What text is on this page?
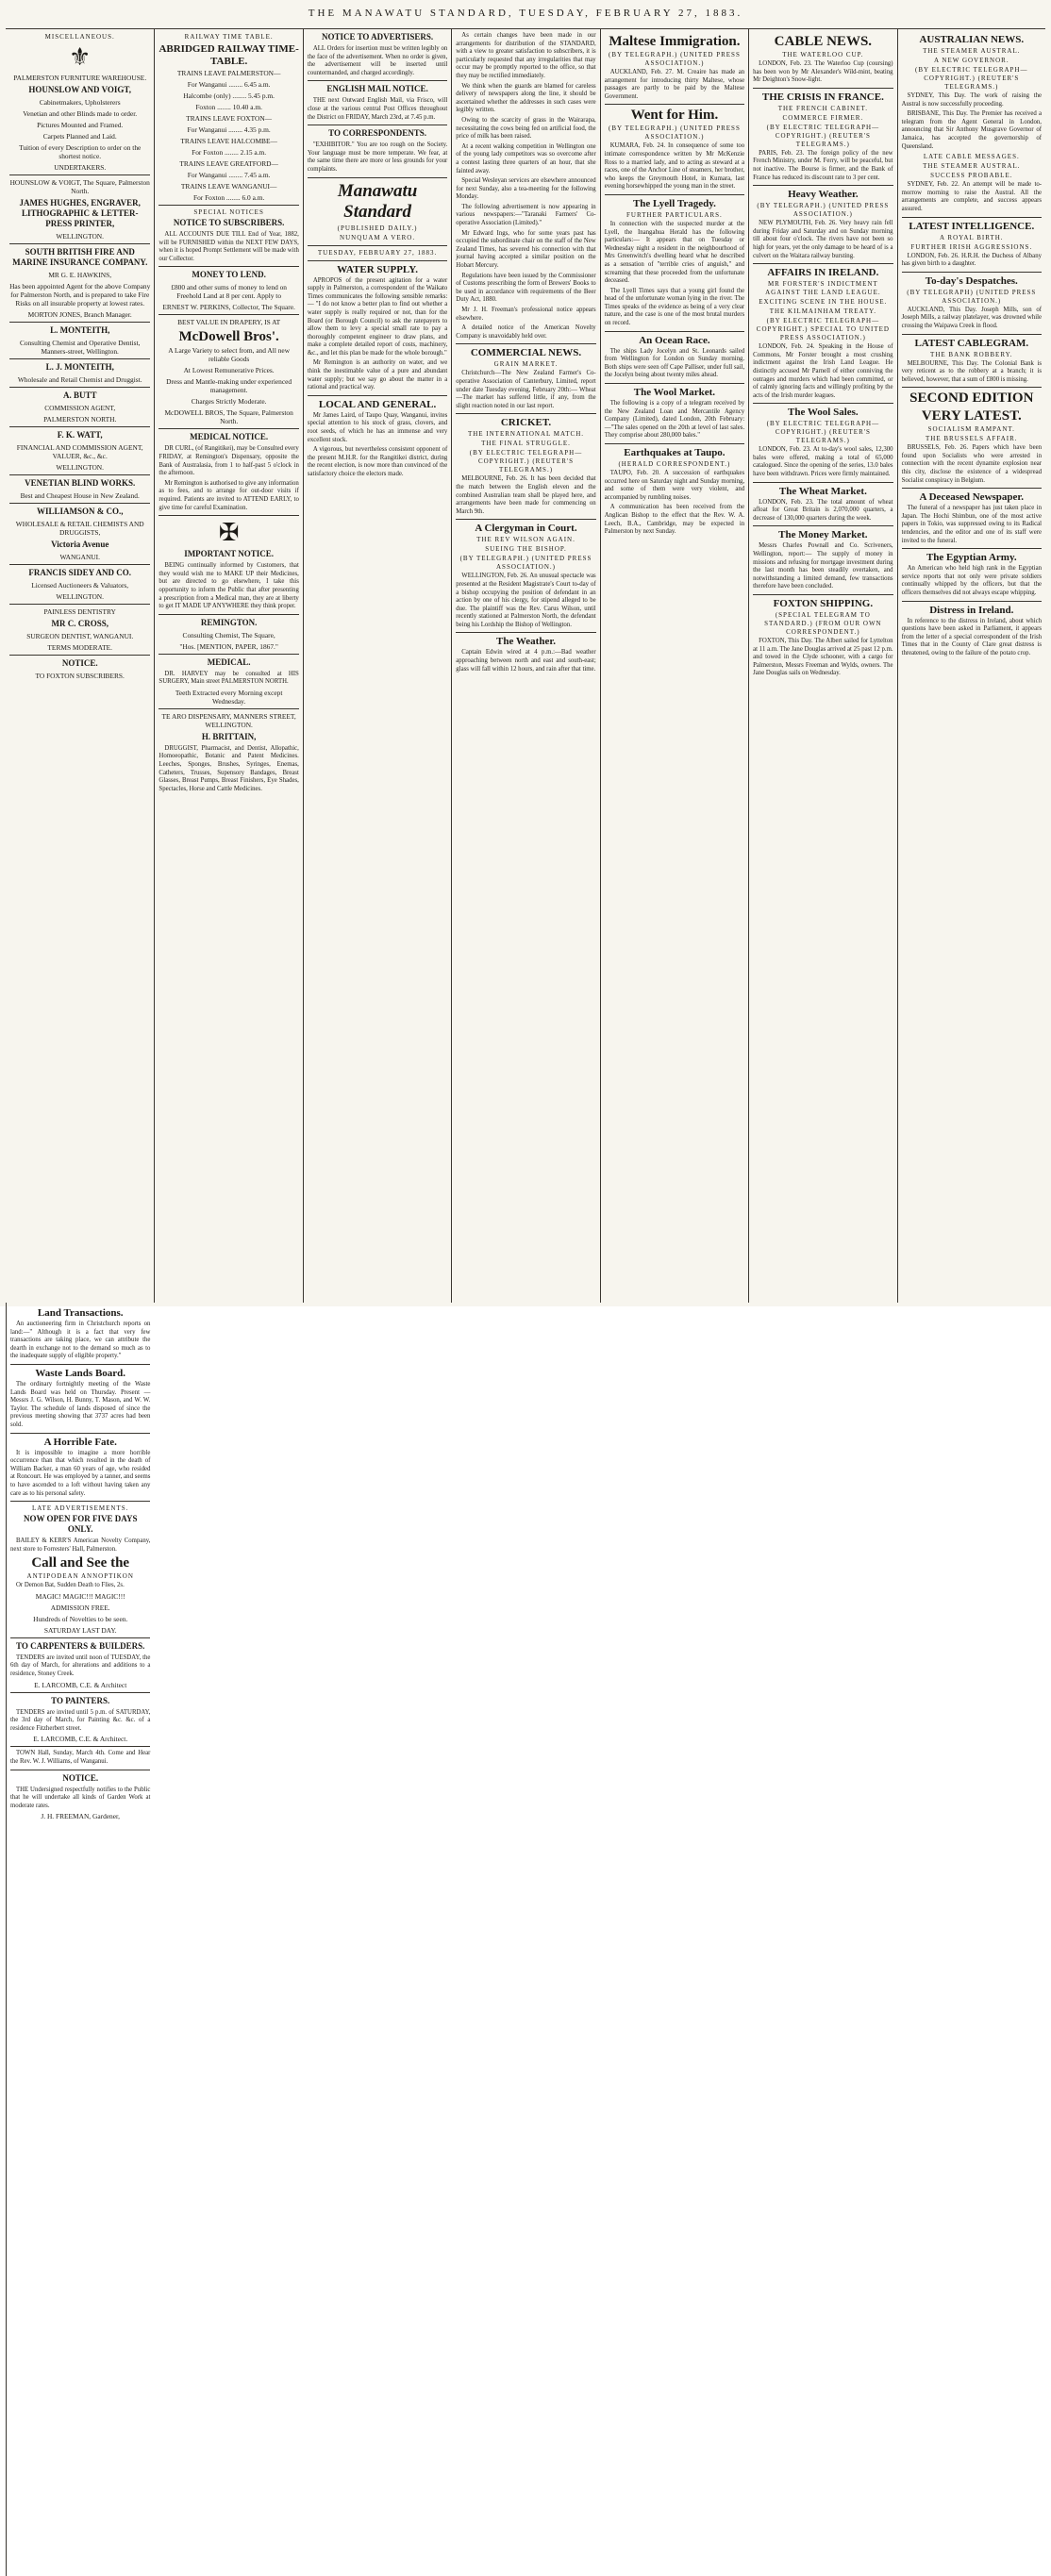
THE MANAWATU STANDARD, TUESDAY, FEBRUARY 27, 1883.
MISCELLANEOUS.
⚜
PALMERSTON FURNITURE WAREHOUSE.
HOUNSLOW AND VOIGT,
Cabinetmakers, Upholsterers
Venetian and other Blinds made to order.
Pictures Mounted and Framed.
Carpets Planned and Laid.
Tuition of every Description to order on the shortest notice.
UNDERTAKERS.
HOUNSLOW & VOIGT, The Square, Palmerston North.
JAMES HUGHES, ENGRAVER, LITHOGRAPHIC & LETTER-PRESS PRINTER,
WELLINGTON.
SOUTH BRITISH FIRE AND MARINE INSURANCE COMPANY.
MR G. E. HAWKINS,
Has been appointed Agent for the above Company for Palmerston North, and is prepared to take Fire Risks on all insurable property at lowest rates.
MORTON JONES, Branch Manager.
L. MONTEITH,
Consulting Chemist and Operative Dentist, Manners-street, Wellington.
L. J. MONTEITH,
Wholesale and Retail Chemist and Druggist.
A. BUTT
COMMISSION AGENT,
PALMERSTON NORTH.
F. K. WATT,
FINANCIAL AND COMMISSION AGENT, VALUER, &c., &c.
WELLINGTON.
VENETIAN BLIND WORKS.
Best and Cheapest House in New Zealand.
WILLIAMSON & CO.,
WHOLESALE & RETAIL CHEMISTS AND DRUGGISTS,
Victoria Avenue
WANGANUI.
FRANCIS SIDEY AND CO.
Licensed Auctioneers & Valuators,
WELLINGTON.
PAINLESS DENTISTRY
MR C. CROSS,
SURGEON DENTIST, WANGANUI.
TERMS MODERATE.
NOTICE.
TO FOXTON SUBSCRIBERS.
RAILWAY TIME TABLE.
ABRIDGED RAILWAY TIME-TABLE.
TRAINS LEAVE PALMERSTON—
For Wanganui ........ 6.45 a.m.
Halcombe (only) ........ 5.45 p.m.
Foxton ........ 10.40 a.m.
TRAINS LEAVE FOXTON—
For Wanganui ........ 4.35 p.m.
TRAINS LEAVE HALCOMBE—
For Foxton ........ 2.15 a.m.
TRAINS LEAVE GREATFORD—
For Wanganui ........ 7.45 a.m.
TRAINS LEAVE WANGANUI—
For Foxton ........ 6.0 a.m.
SPECIAL NOTICES
NOTICE TO SUBSCRIBERS.
ALL ACCOUNTS DUE TILL End of Year, 1882, will be FURNISHED within the NEXT FEW DAYS, when it is hoped Prompt Settlement will be made with our Collector.
MONEY TO LEND.
£800 and other sums of money to lend on Freehold Land at 8 per cent. Apply to
ERNEST W. PERKINS, Collector, The Square.
BEST VALUE IN DRAPERY, IS AT
McDowell Bros'.
A Large Variety to select from, and All new reliable Goods
At Lowest Remunerative Prices.
Dress and Mantle-making under experienced management.
Charges Strictly Moderate.
McDOWELL BROS, The Square, Palmerston North.
MEDICAL NOTICE.
DR CURL, (of Rangitikei), may be Consulted every FRIDAY, at Remington's Dispensary, opposite the Bank of Australasia, from 1 to half-past 5 o'clock in the afternoon.
Mr Remington is authorised to give any information as to fees, and to arrange for out-door visits if required. Patients are invited to ATTEND EARLY, to give time for careful Examination.
✠
IMPORTANT NOTICE.
BEING continually informed by Customers, that they would wish me to MAKE UP their Medicines, but are directed to go elsewhere, I take this opportunity to inform the Public that after presenting a prescription from a Medical man, they are at liberty to get IT MADE UP ANYWHERE they think proper.
REMINGTON.
Consulting Chemist, The Square,
"Hos. [MENTION, PAPER, 1867."
MEDICAL.
DR. HARVEY may be consulted at HIS SURGERY, Main street PALMERSTON NORTH.
Teeth Extracted every Morning except Wednesday.
TE ARO DISPENSARY, MANNERS STREET, WELLINGTON.
H. BRITTAIN,
DRUGGIST, Pharmacist, and Dentist, Allopathic, Homoeopathic, Botanic and Patent Medicines. Leeches, Sponges, Brushes, Syringes, Enemas, Catheters, Trusses, Supensory Bandages, Breast Glasses, Breast Pumps, Breast Finishers, Eye Shades, Spectacles, Horse and Cattle Medicines.
NOTICE TO ADVERTISERS.
ALL Orders for insertion must be written legibly on the face of the advertisement. When no order is given, the advertisement will be inserted until countermanded, and charged accordingly.
ENGLISH MAIL NOTICE.
THE next Outward English Mail, via Frisco, will close at the various central Post Offices throughout the District on FRIDAY, March 23rd, at 7.45 p.m.
TO CORRESPONDENTS.
"EXHIBITOR." You are too rough on the Society. Your language must be more temperate. We fear, at the same time there are more or less grounds for your complaints.
Manawatu Standard
(PUBLISHED DAILY.)
NUNQUAM A VERO.
TUESDAY, FEBRUARY 27, 1883.
WATER SUPPLY.
APROPOS of the present agitation for a water supply in Palmerston, a correspondent of the Waikato Times communicates the following sensible remarks:— "I do not know a better plan to find out whether a water supply is really required or not, than for the Board (or Borough Council) to ask the ratepayers to allow them to levy a special small rate to pay a thoroughly competent engineer to draw plans, and make a complete detailed report of costs, machinery, &c., and let this plan be made for the whole borough."
Mr Remington is an authority on water, and we think the inestimable value of a pure and abundant water supply; but we say go about the matter in a rational and practical way.
LOCAL AND GENERAL.
Mr James Laird, of Taupo Quay, Wanganui, invites special attention to his stock of grass, clovers, and root seeds, of which he has an immense and very excellent stock.
A vigorous, but nevertheless consistent opponent of the present M.H.R. for the Rangitikei district, during the recent election, is now more than convinced of the satisfactory choice the electors made.
As certain changes have been made in our arrangements for distribution of the STANDARD, with a view to greater satisfaction to subscribers, it is particularly requested that any irregularities that may occur may be promptly reported to the office, so that they may be rectified immediately.
We think when the guards are blamed for careless delivery of newspapers along the line, it should be ascertained whether the addresses in such cases were legibly written.
Owing to the scarcity of grass in the Wairarapa, necessitating the cows being fed on artificial food, the price of milk has been raised.
At a recent walking competition in Wellington one of the young lady competitors was so overcome after a contest lasting three quarters of an hour, that she fainted away.
Special Wesleyan services are elsewhere announced for next Sunday, also a tea-meeting for the following Monday.
The following advertisement is now appearing in various newspapers:—"Taranaki Farmers' Co-operative Association (Limited)."
Mr Edward Ings, who for some years past has occupied the subordinate chair on the staff of the New Zealand Times, has severed his connection with that journal having accepted a similar position on the Hobart Mercury.
Regulations have been issued by the Commissioner of Customs prescribing the form of Brewers' Books to be used in accordance with requirements of the Beer Duty Act, 1880.
Mr J. H. Freeman's professional notice appears elsewhere.
A detailed notice of the American Novelty Company is unavoidably held over.
COMMERCIAL NEWS.
GRAIN MARKET.
Christchurch—The New Zealand Farmer's Co-operative Association of Canterbury, Limited, report under date Tuesday evening, February 20th:— Wheat—The market has suffered little, if any, from the slight reaction noted in our last report.
CRICKET.
THE INTERNATIONAL MATCH.
THE FINAL STRUGGLE.
(BY ELECTRIC TELEGRAPH—COPYRIGHT.) (REUTER'S TELEGRAMS.)
MELBOURNE, Feb. 26. It has been decided that the match between the English eleven and the combined Australian team shall be played here, and arrangements have been made for commencing on March 9th.
A Clergyman in Court.
THE REV WILSON AGAIN.
SUEING THE BISHOP.
(BY TELEGRAPH.) (UNITED PRESS ASSOCIATION.)
WELLINGTON, Feb. 26. An unusual spectacle was presented at the Resident Magistrate's Court to-day of a bishop occupying the position of defendant in an action by one of his clergy, for stipend alleged to be due. The plaintiff was the Rev. Carus Wilson, until recently stationed at Palmerston North, the defendant being his Lordship the Bishop of Wellington.
The Weather.
Captain Edwin wired at 4 p.m.:—Bad weather approaching between north and east and south-east; glass will fall within 12 hours, and rain after that time.
Maltese Immigration.
(BY TELEGRAPH.) (UNITED PRESS ASSOCIATION.)
AUCKLAND, Feb. 27. M. Creaire has made an arrangement for introducing thirty Maltese, whose passages are partly to be paid by the Maltese Government.
Went for Him.
(BY TELEGRAPH.) (UNITED PRESS ASSOCIATION.)
KUMARA, Feb. 24. In consequence of some too intimate correspondence written by Mr McKenzie Ross to a married lady, and to acting as steward at a races, one of the Anchor Line of steamers, her brother, who keeps the Greymouth Hotel, in Kumara, last evening horsewhipped the young man in the street.
The Lyell Tragedy.
FURTHER PARTICULARS.
In connection with the suspected murder at the Lyell, the Inangahua Herald has the following particulars:— It appears that on Tuesday or Wednesday night a resident in the neighbourhood of Mrs Greenwitch's dwelling heard what he described as a sensation of "terrible cries of anguish," and screaming that these proceeded from the unfortunate deceased.
The Lyell Times says that a young girl found the head of the unfortunate woman lying in the river. The Times speaks of the evidence as being of a very clear nature, and the case is one of the most brutal murders on record.
An Ocean Race.
The ships Lady Jocelyn and St. Leonards sailed from Wellington for London on Sunday morning. Both ships were seen off Cape Palliser, under full sail, the Jocelyn being about twenty miles ahead.
The Wool Market.
The following is a copy of a telegram received by the New Zealand Loan and Mercantile Agency Company (Limited), dated London, 20th February:—"The sales opened on the 20th at level of last sales. They comprise about 280,000 bales."
Earthquakes at Taupo.
(HERALD CORRESPONDENT.)
TAUPO, Feb. 20. A succession of earthquakes occurred here on Saturday night and Sunday morning, and some of them were very violent, and accompanied by rumbling noises.
A communication has been received from the Anglican Bishop to the effect that the Rev. W. A. Leech, B.A., Cambridge, may be expected in Palmerston by next Sunday.
CABLE NEWS.
THE WATERLOO CUP.
LONDON, Feb. 23. The Waterloo Cup (coursing) has been won by Mr Alexander's Wild-mint, beating Mr Deighton's Snow-light.
THE CRISIS IN FRANCE.
THE FRENCH CABINET.
COMMERCE FIRMER.
(BY ELECTRIC TELEGRAPH—COPYRIGHT.) (REUTER'S TELEGRAMS.)
PARIS, Feb. 23. The foreign policy of the new French Ministry, under M. Ferry, will be peaceful, but not inactive. The Bourse is firmer, and the Bank of France has reduced its discount rate to 3 per cent.
Heavy Weather.
(BY TELEGRAPH.) (UNITED PRESS ASSOCIATION.)
NEW PLYMOUTH, Feb. 26. Very heavy rain fell during Friday and Saturday and on Sunday morning till about four o'clock. The rivers have not been so high for years, yet the only damage to be heard of is a culvert on the Waitara railway bursting.
AFFAIRS IN IRELAND.
MR FORSTER'S INDICTMENT AGAINST THE LAND LEAGUE.
EXCITING SCENE IN THE HOUSE.
THE KILMAINHAM TREATY.
(BY ELECTRIC TELEGRAPH—COPYRIGHT.) SPECIAL TO UNITED PRESS ASSOCIATION.)
LONDON, Feb. 24. Speaking in the House of Commons, Mr Forster brought a most crushing indictment against the Irish Land League. He distinctly accused Mr Parnell of either conniving the outrages and murders which had been committed, or of calmly ignoring facts and willingly profiting by the acts of the Irish murder leagues.
The Wool Sales.
(BY ELECTRIC TELEGRAPH—COPYRIGHT.) (REUTER'S TELEGRAMS.)
LONDON, Feb. 23. At to-day's wool sales, 12,300 bales were offered, making a total of 65,000 catalogued. Since the opening of the series, 13.0 bales have been withdrawn. Prices were firmly maintained.
The Wheat Market.
LONDON, Feb. 23. The total amount of wheat afloat for Great Britain is 2,070,000 quarters, a decrease of 130,000 quarters during the week.
The Money Market.
Messrs Charles Pownall and Co. Scriveners, Wellington, report:— The supply of money in missions and refusing for mortgage investment during the last month has been steadily overtaken, and notwithstanding a limited demand, few transactions therefore have been concluded.
FOXTON SHIPPING.
(SPECIAL TELEGRAM TO STANDARD.) (FROM OUR OWN CORRESPONDENT.)
FOXTON, This Day. The Albert sailed for Lyttelton at 11 a.m. The Jane Douglas arrived at 25 past 12 p.m. and towed in the Clyde schooner, with a cargo for Palmerston, Messrs Freeman and Wylds, owners. The Jane Douglas sails on Wednesday.
AUSTRALIAN NEWS.
THE STEAMER AUSTRAL.
A NEW GOVERNOR.
(BY ELECTRIC TELEGRAPH—COPYRIGHT.) (REUTER'S TELEGRAMS.)
SYDNEY, This Day. The work of raising the Austral is now successfully proceeding.
BRISBANE, This Day. The Premier has received a telegram from the Agent General in London, announcing that Sir Anthony Musgrave Governor of Jamaica, has accepted the governorship of Queensland.
LATE CABLE MESSAGES.
THE STEAMER AUSTRAL.
SUCCESS PROBABLE.
SYDNEY, Feb. 22. An attempt will be made to-morrow morning to raise the Austral. All the arrangements are complete, and success appears assured.
LATEST INTELLIGENCE.
A ROYAL BIRTH.
FURTHER IRISH AGGRESSIONS.
LONDON, Feb. 26. H.R.H. the Duchess of Albany has given birth to a daughter.
To-day's Despatches.
(BY TELEGRAPH) (UNITED PRESS ASSOCIATION.)
AUCKLAND, This Day. Joseph Mills, son of Joseph Mills, a railway platelayer, was drowned while crossing the Waipawa Creek in flood.
LATEST CABLEGRAM.
THE BANK ROBBERY.
MELBOURNE, This Day. The Colonial Bank is very reticent as to the robbery at a branch; it is believed, however, that a sum of £800 is missing.
SECOND EDITION
VERY LATEST.
SOCIALISM RAMPANT.
THE BRUSSELS AFFAIR.
BRUSSELS, Feb. 26. Papers which have been found upon Socialists who were arrested in connection with the recent dynamite explosion near this city, disclose the existence of a widespread Socialist conspiracy in Belgium.
A Deceased Newspaper.
The funeral of a newspaper has just taken place in Japan. The Hochi Shimbun, one of the most active papers in Tokio, was suppressed owing to its Radical tendencies, and the editor and one of its staff were invited to the funeral.
The Egyptian Army.
An American who held high rank in the Egyptian service reports that not only were private soldiers continually whipped by the officers, but that the officers themselves did not always escape whipping.
Distress in Ireland.
In reference to the distress in Ireland, about which questions have been asked in Parliament, it appears from the letter of a special correspondent of the Irish Times that in the County of Clare great distress is threatened, owing to the failure of the potato crop.
Land Transactions.
An auctioneering firm in Christchurch reports on land:—" Although it is a fact that very few transactions are taking place, we can attribute the dearth in exchange not to the demand so much as to the inadequate supply of eligible property."
Waste Lands Board.
The ordinary fortnightly meeting of the Waste Lands Board was held on Thursday. Present — Messrs J. G. Wilson, H. Bunny, T. Mason, and W. W. Taylor. The schedule of lands disposed of since the previous meeting showing that 3737 acres had been sold.
A Horrible Fate.
It is impossible to imagine a more horrible occurrence than that which resulted in the death of William Backer, a man 60 years of age, who resided at Roncourt. He was employed by a tanner, and seems to have ascended to a loft without having taken any care as to his personal safety.
LATE ADVERTISEMENTS.
NOW OPEN FOR FIVE DAYS ONLY.
BAILEY & KERR'S American Novelty Company, next store to Forresters' Hall, Palmerston.
Call and See the
ANTIPODEAN ANNOPTIKON
Or Demon Bat, Sudden Death to Flies, 2s.
MAGIC! MAGIC!!! MAGIC!!!
ADMISSION FREE.
Hundreds of Novelties to be seen.
SATURDAY LAST DAY.
TO CARPENTERS & BUILDERS.
TENDERS are invited until noon of TUESDAY, the 6th day of March, for alterations and additions to a residence, Stoney Creek.
E. LARCOMB, C.E. & Architect
TO PAINTERS.
TENDERS are invited until 5 p.m. of SATURDAY, the 3rd day of March, for Painting &c. &c. of a residence Fitzherbert street.
E. LARCOMB, C.E. & Architect.
TOWN Hall, Sunday, March 4th. Come and Hear the Rev. W. J. Williams, of Wanganui.
NOTICE.
THE Undersigned respectfully notifies to the Public that he will undertake all kinds of Garden Work at moderate rates.
J. H. FREEMAN, Gardener,
